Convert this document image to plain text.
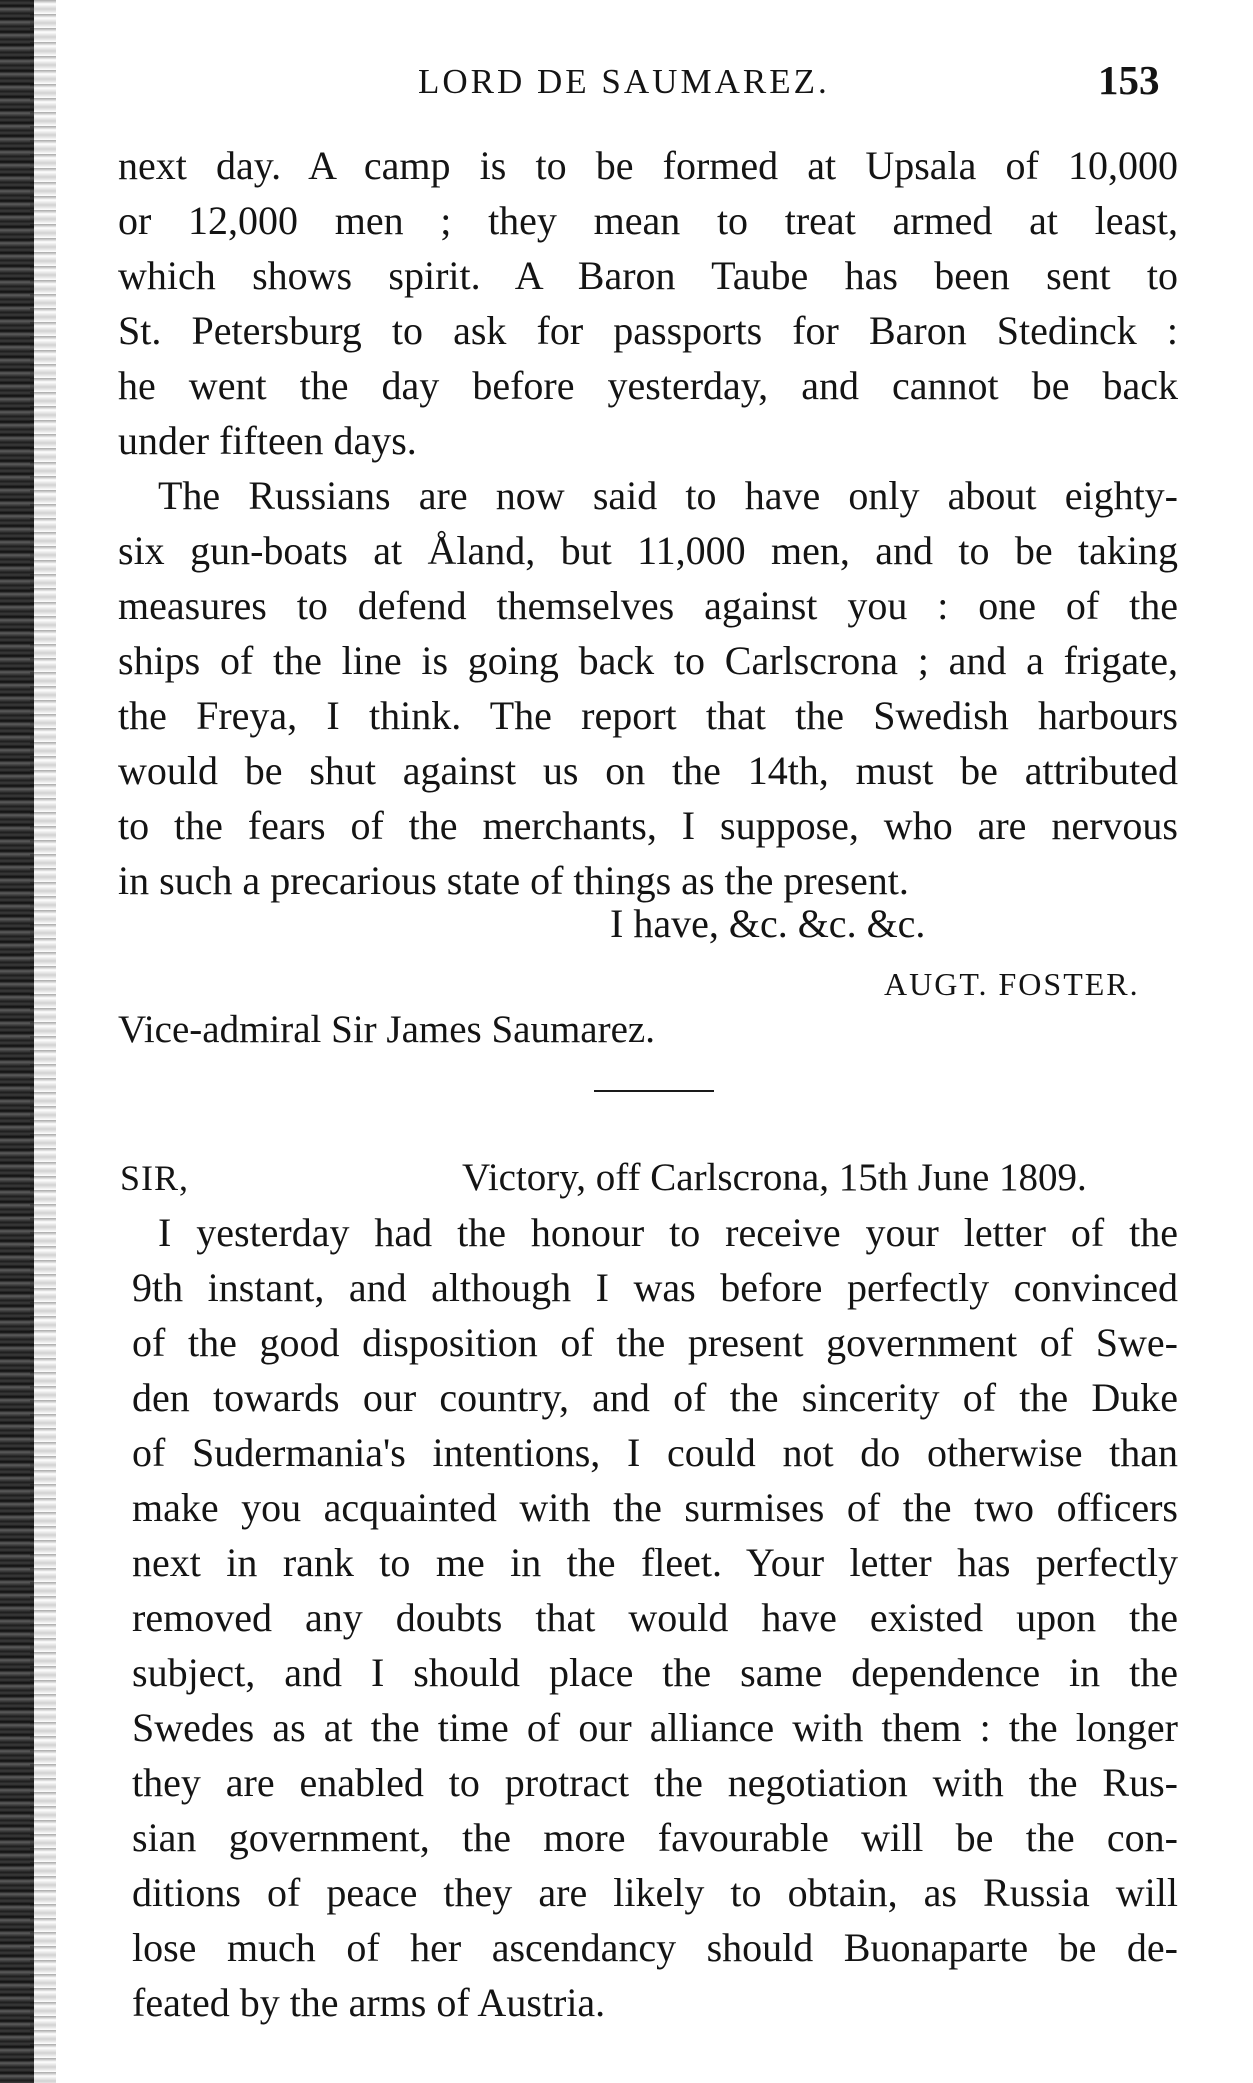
LORD DE SAUMAREZ.	153
next day. A camp is to be formed at Upsala of 10,000
or 12,000 men ; they mean to treat armed at least,
which shows spirit. A Baron Taube has been sent to
St. Petersburg to ask for passports for Baron Stedinck :
he went the day before yesterday, and cannot be back
under fifteen days.
The Russians are now said to have only about eighty-
six gun-boats at Åland, but 11,000 men, and to be taking
measures to defend themselves against you : one of the
ships of the line is going back to Carlscrona ; and a frigate,
the Freya, I think. The report that the Swedish harbours
would be shut against us on the 14th, must be attributed
to the fears of the merchants, I suppose, who are nervous
in such a precarious state of things as the present.
I have, &c. &c. &c.
AUGT. FOSTER.
Vice-admiral Sir James Saumarez.
SIR,	Victory, off Carlscrona, 15th June 1809.
I yesterday had the honour to receive your letter of the
9th instant, and although I was before perfectly convinced
of the good disposition of the present government of Swe-
den towards our country, and of the sincerity of the Duke
of Sudermania's intentions, I could not do otherwise than
make you acquainted with the surmises of the two officers
next in rank to me in the fleet. Your letter has perfectly
removed any doubts that would have existed upon the
subject, and I should place the same dependence in the
Swedes as at the time of our alliance with them : the longer
they are enabled to protract the negotiation with the Rus-
sian government, the more favourable will be the con-
ditions of peace they are likely to obtain, as Russia will
lose much of her ascendancy should Buonaparte be de-
feated by the arms of Austria.
